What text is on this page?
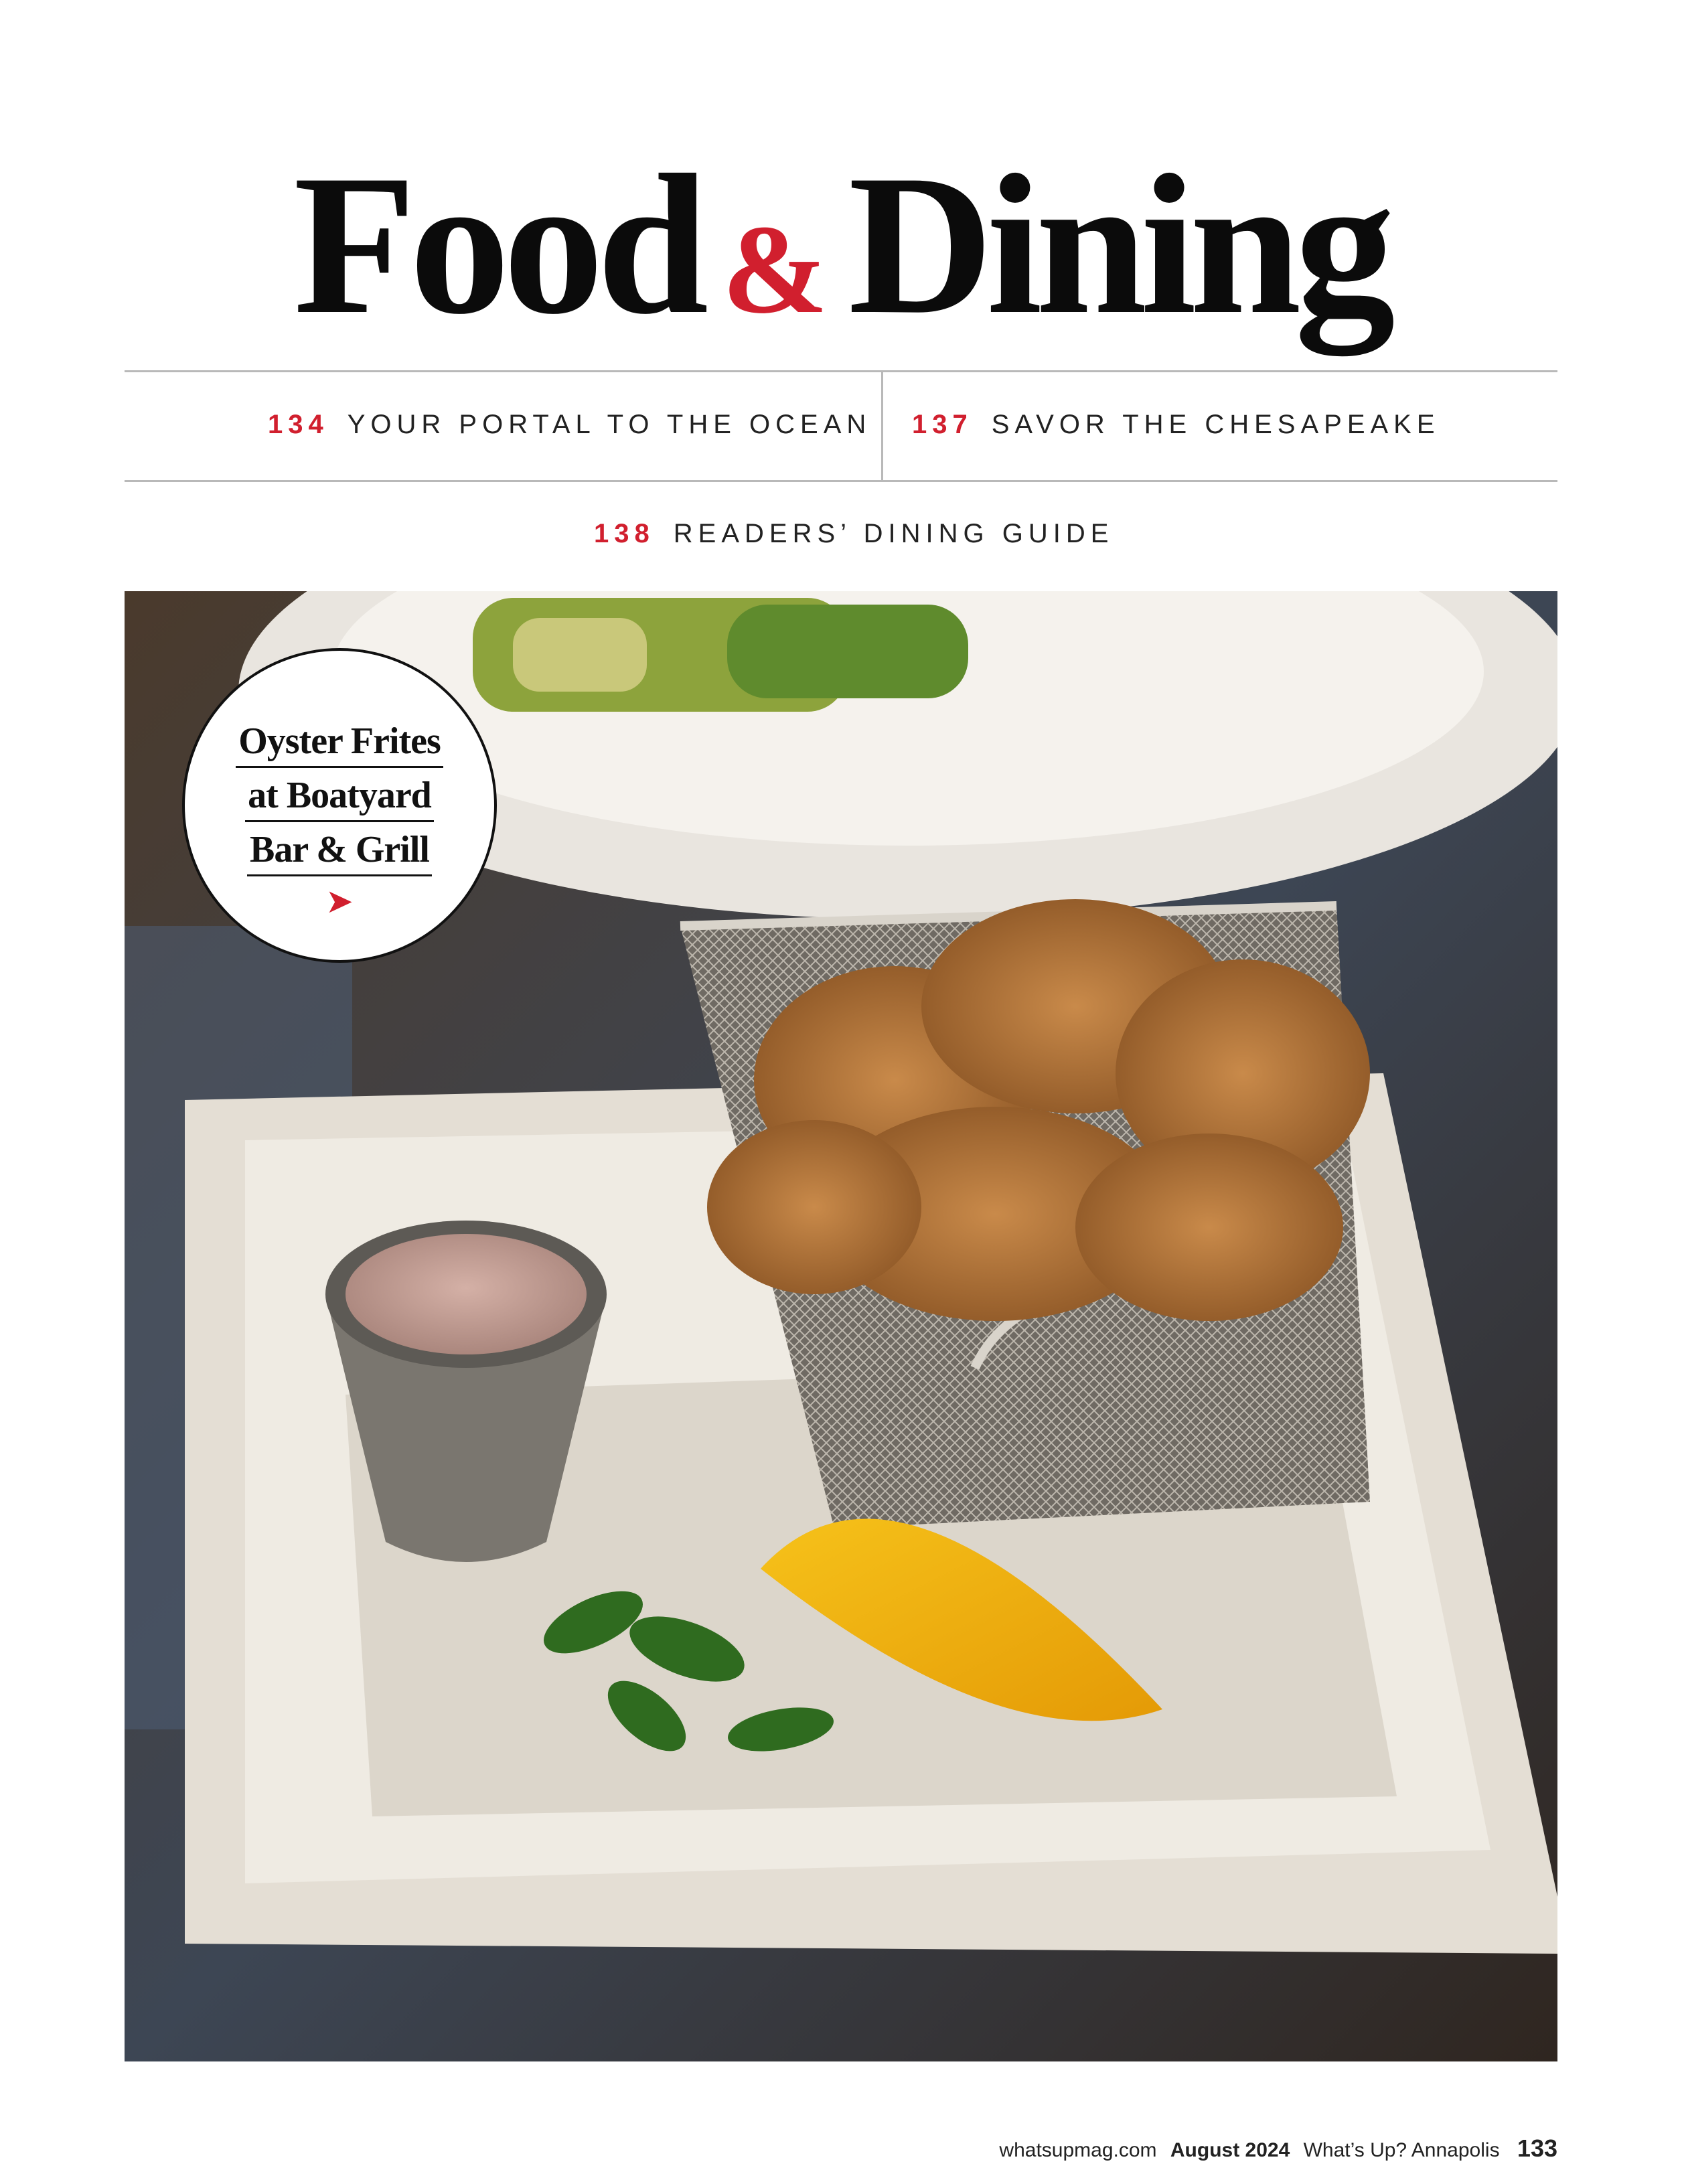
Food & Dining
134 YOUR PORTAL TO THE OCEAN 137 SAVOR THE CHESAPEAKE
138 READERS’ DINING GUIDE
Oyster Frites
at Boatyard
Bar & Grill
➤
whatsupmag.com August 2024 What’s Up? Annapolis 133
